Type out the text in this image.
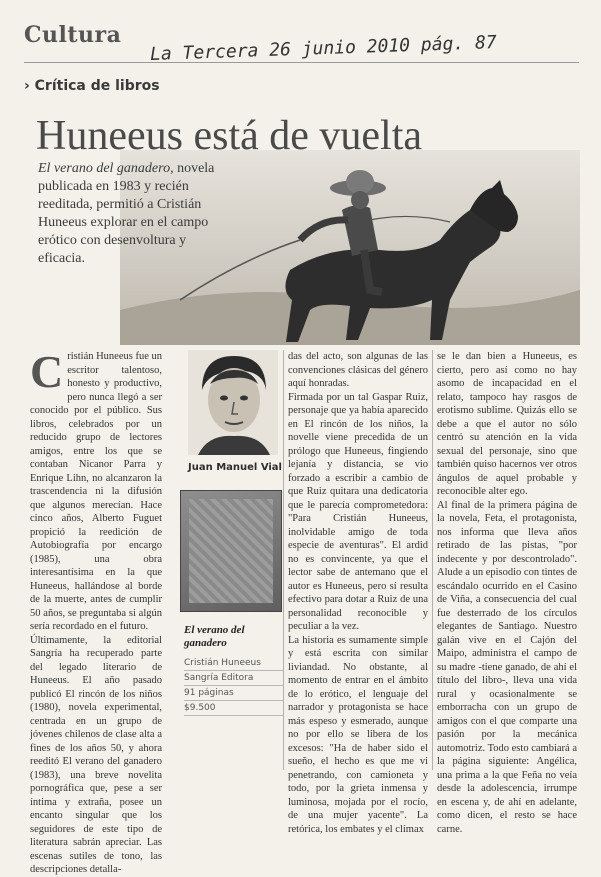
Cultura La Tercera 26 junio 2010 pág. 87
› Crítica de libros
Huneeus está de vuelta
El verano del ganadero, novela publicada en 1983 y recién reeditada, permitió a Cristián Huneeus explorar en el campo erótico con desenvoltura y eficacia.
C ristián Huneeus fue un escritor talentoso, honesto y productivo, pero nunca llegó a ser conocido por el público. Sus libros, celebrados por un reducido grupo de lectores amigos, entre los que se contaban Nicanor Parra y Enrique Lihn, no alcanzaron la trascendencia ni la difusión que algunos merecían. Hace cinco años, Alberto Fuguet propició la reedición de Autobiografía por encargo (1985), una obra interesantísima en la que Huneeus, hallándose al borde de la muerte, antes de cumplir 50 años, se preguntaba si algún sería recordado en el futuro.

Últimamente, la editorial Sangría ha recuperado parte del legado literario de Huneeus. El año pasado publicó El rincón de los niños (1980), novela experimental, centrada en un grupo de jóvenes chilenos de clase alta a fines de los años 50, y ahora reeditó El verano del ganadero (1983), una breve novelita pornográfica que, pese a ser íntima y extraña, posee un encanto singular que los seguidores de este tipo de literatura sabrán apreciar. Las escenas sutiles de tono, las descripciones detalla-

Juan Manuel Vial
El verano del ganadero
Cristián Huneeus
Sangría Editora
91 páginas
$9.500

das del acto, son algunas de las convenciones clásicas del género aquí honradas.

Firmada por un tal Gaspar Ruiz, personaje que ya había aparecido en El rincón de los niños, la novelle viene precedida de un prólogo que Huneeus, fingiendo lejanía y distancia, se vio forzado a escribir a cambio de que Ruiz quitara una dedicatoria que le parecía comprometedora: "Para Cristián Huneeus, inolvidable amigo de toda especie de aventuras". El ardid no es convincente, ya que el lector sabe de antemano que el autor es Huneeus, pero sí resulta efectivo para dotar a Ruiz de una personalidad reconocible y peculiar a la vez.

La historia es sumamente simple y está escrita con similar liviandad. No obstante, al momento de entrar en el ámbito de lo erótico, el lenguaje del narrador y protagonista se hace más espeso y esmerado, aunque no por ello se libera de los excesos: "Ha de haber sido el sueño, el hecho es que me vi penetrando, con camioneta y todo, por la grieta inmensa y luminosa, mojada por el rocío, de una mujer yacente". La retórica, los embates y el clímax

se le dan bien a Huneeus, es cierto, pero así como no hay asomo de incapacidad en el relato, tampoco hay rasgos de erotismo sublime. Quizás ello se debe a que el autor no sólo centró su atención en la vida sexual del personaje, sino que también quiso hacernos ver otros ángulos de aquel probable y reconocible alter ego.

Al final de la primera página de la novela, Feta, el protagonista, nos informa que lleva años retirado de las pistas, "por indecente y por descontrolado". Alude a un episodio con tintes de escándalo ocurrido en el Casino de Viña, a consecuencia del cual fue desterrado de los círculos elegantes de Santiago. Nuestro galán vive en el Cajón del Maipo, administra el campo de su madre -tiene ganado, de ahí el título del libro-, lleva una vida rural y ocasionalmente se emborracha con un grupo de amigos con el que comparte una pasión por la mecánica automotriz. Todo esto cambiará a la página siguiente: Angélica, una prima a la que Feña no veía desde la adolescencia, irrumpe en escena y, de ahí en adelante, como dicen, el resto se hace carne.
